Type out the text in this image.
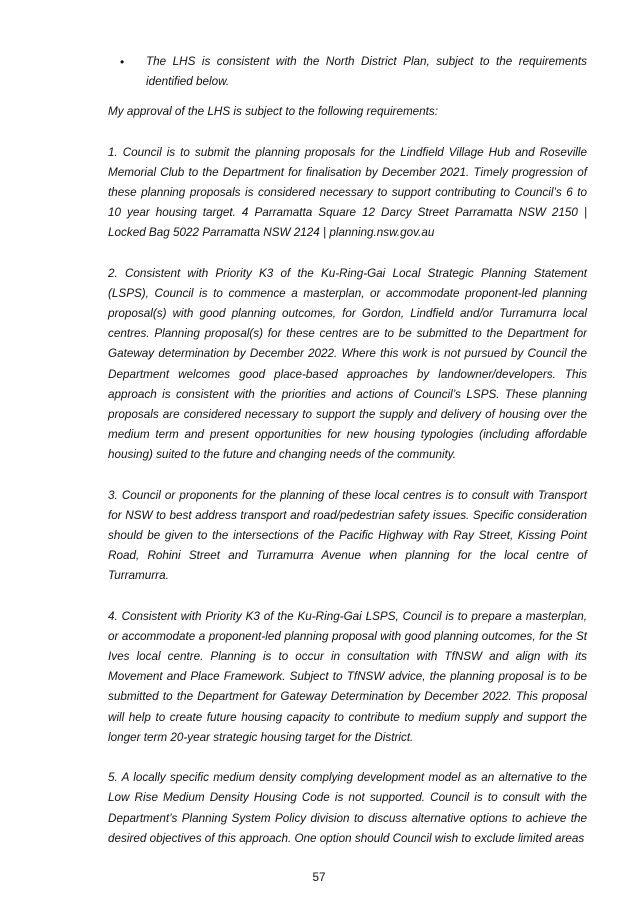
• The LHS is consistent with the North District Plan, subject to the requirements identified below.

My approval of the LHS is subject to the following requirements:

1. Council is to submit the planning proposals for the Lindfield Village Hub and Roseville Memorial Club to the Department for finalisation by December 2021. Timely progression of these planning proposals is considered necessary to support contributing to Council’s 6 to 10 year housing target. 4 Parramatta Square 12 Darcy Street Parramatta NSW 2150 | Locked Bag 5022 Parramatta NSW 2124 | planning.nsw.gov.au

2. Consistent with Priority K3 of the Ku-Ring-Gai Local Strategic Planning Statement (LSPS), Council is to commence a masterplan, or accommodate proponent-led planning proposal(s) with good planning outcomes, for Gordon, Lindfield and/or Turramurra local centres. Planning proposal(s) for these centres are to be submitted to the Department for Gateway determination by December 2022. Where this work is not pursued by Council the Department welcomes good place-based approaches by landowner/developers. This approach is consistent with the priorities and actions of Council’s LSPS. These planning proposals are considered necessary to support the supply and delivery of housing over the medium term and present opportunities for new housing typologies (including affordable housing) suited to the future and changing needs of the community.

3. Council or proponents for the planning of these local centres is to consult with Transport for NSW to best address transport and road/pedestrian safety issues. Specific consideration should be given to the intersections of the Pacific Highway with Ray Street, Kissing Point Road, Rohini Street and Turramurra Avenue when planning for the local centre of Turramurra.

4. Consistent with Priority K3 of the Ku-Ring-Gai LSPS, Council is to prepare a masterplan, or accommodate a proponent-led planning proposal with good planning outcomes, for the St Ives local centre. Planning is to occur in consultation with TfNSW and align with its Movement and Place Framework. Subject to TfNSW advice, the planning proposal is to be submitted to the Department for Gateway Determination by December 2022. This proposal will help to create future housing capacity to contribute to medium supply and support the longer term 20-year strategic housing target for the District.

5. A locally specific medium density complying development model as an alternative to the Low Rise Medium Density Housing Code is not supported. Council is to consult with the Department’s Planning System Policy division to discuss alternative options to achieve the desired objectives of this approach. One option should Council wish to exclude limited areas

57
